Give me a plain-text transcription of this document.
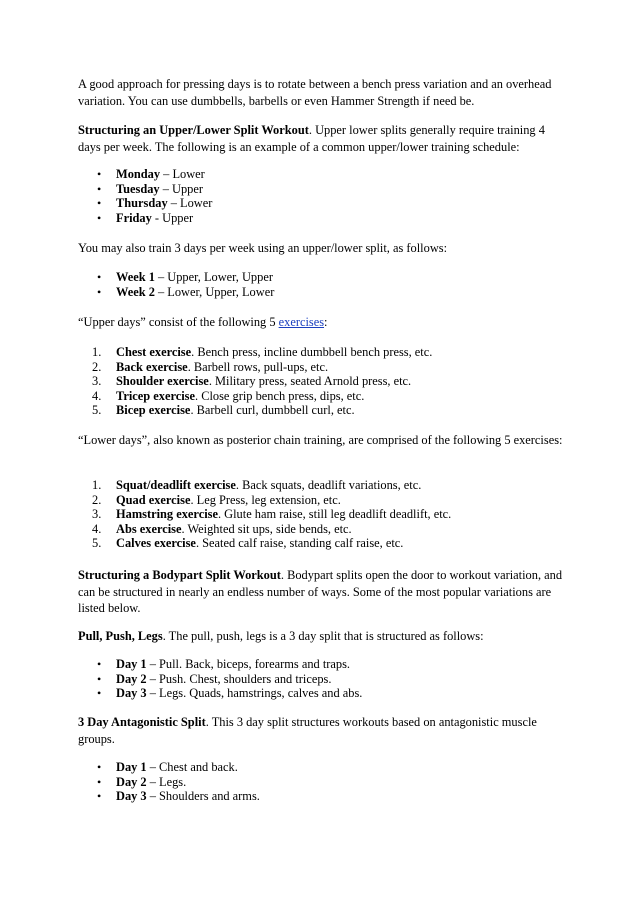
A good approach for pressing days is to rotate between a bench press variation and an overhead variation. You can use dumbbells, barbells or even Hammer Strength if need be.

Structuring an Upper/Lower Split Workout. Upper lower splits generally require training 4 days per week. The following is an example of a common upper/lower training schedule:

• Monday – Lower
• Tuesday – Upper
• Thursday – Lower
• Friday - Upper

You may also train 3 days per week using an upper/lower split, as follows:

• Week 1 – Upper, Lower, Upper
• Week 2 – Lower, Upper, Lower

“Upper days” consist of the following 5 exercises:

1. Chest exercise. Bench press, incline dumbbell bench press, etc.
2. Back exercise. Barbell rows, pull-ups, etc.
3. Shoulder exercise. Military press, seated Arnold press, etc.
4. Tricep exercise. Close grip bench press, dips, etc.
5. Bicep exercise. Barbell curl, dumbbell curl, etc.

“Lower days”, also known as posterior chain training, are comprised of the following 5 exercises:

1. Squat/deadlift exercise. Back squats, deadlift variations, etc.
2. Quad exercise. Leg Press, leg extension, etc.
3. Hamstring exercise. Glute ham raise, still leg deadlift deadlift, etc.
4. Abs exercise. Weighted sit ups, side bends, etc.
5. Calves exercise. Seated calf raise, standing calf raise, etc.

Structuring a Bodypart Split Workout. Bodypart splits open the door to workout variation, and can be structured in nearly an endless number of ways. Some of the most popular variations are listed below.

Pull, Push, Legs. The pull, push, legs is a 3 day split that is structured as follows:

• Day 1 – Pull. Back, biceps, forearms and traps.
• Day 2 – Push. Chest, shoulders and triceps.
• Day 3 – Legs. Quads, hamstrings, calves and abs.

3 Day Antagonistic Split. This 3 day split structures workouts based on antagonistic muscle groups.

• Day 1 – Chest and back.
• Day 2 – Legs.
• Day 3 – Shoulders and arms.
